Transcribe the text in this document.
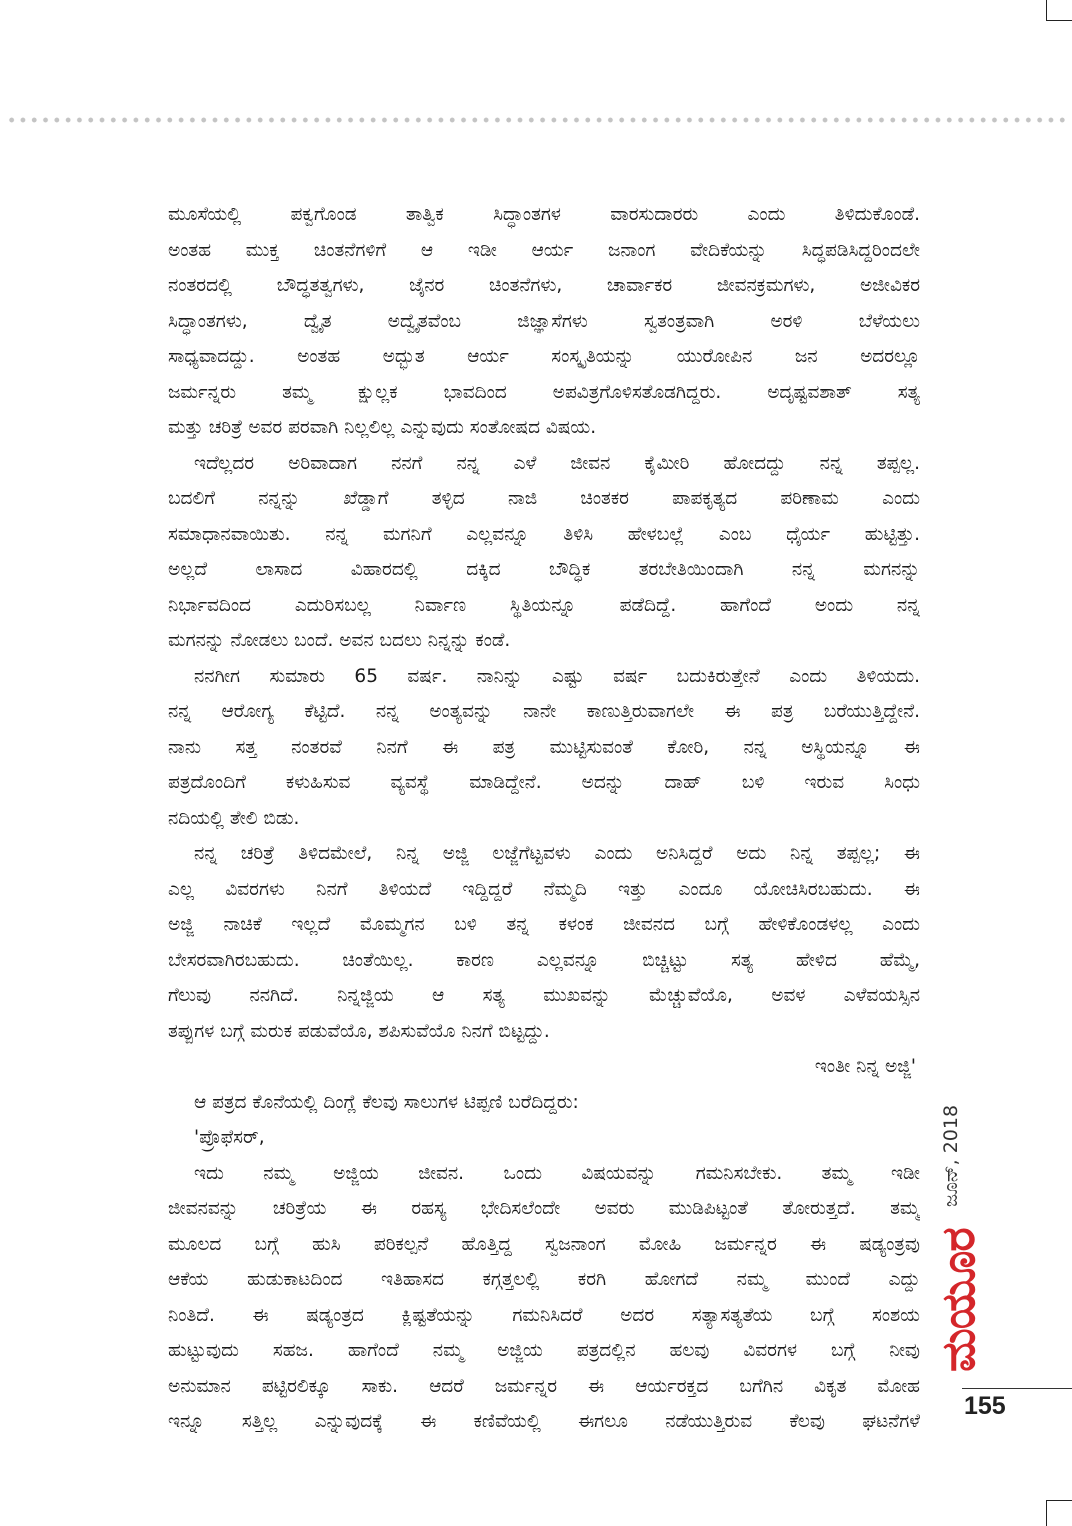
ಮೂಸೆಯಲ್ಲಿ ಪಕ್ವಗೊಂಡ ತಾತ್ವಿಕ ಸಿದ್ಧಾಂತಗಳ ವಾರಸುದಾರರು ಎಂದು ತಿಳಿದುಕೊಂಡೆ.
ಅಂತಹ ಮುಕ್ತ ಚಿಂತನೆಗಳಿಗೆ ಆ ಇಡೀ ಆರ್ಯ ಜನಾಂಗ ವೇದಿಕೆಯನ್ನು ಸಿದ್ಧಪಡಿಸಿದ್ದರಿಂದಲೇ
ನಂತರದಲ್ಲಿ ಬೌದ್ಧತತ್ವಗಳು, ಜೈನರ ಚಿಂತನೆಗಳು, ಚಾರ್ವಾಕರ ಜೀವನಕ್ರಮಗಳು, ಅಜೀವಿಕರ
ಸಿದ್ಧಾಂತಗಳು, ದ್ವೈತ ಅದ್ವೈತವೆಂಬ ಜಿಜ್ಞಾಸೆಗಳು ಸ್ವತಂತ್ರವಾಗಿ ಅರಳಿ ಬೆಳೆಯಲು
ಸಾಧ್ಯವಾದದ್ದು. ಅಂತಹ ಅದ್ಭುತ ಆರ್ಯ ಸಂಸ್ಕೃತಿಯನ್ನು ಯುರೋಪಿನ ಜನ ಅದರಲ್ಲೂ
ಜರ್ಮನ್ನರು ತಮ್ಮ ಕ್ಷುಲ್ಲಕ ಭಾವದಿಂದ ಅಪವಿತ್ರಗೊಳಿಸತೊಡಗಿದ್ದರು. ಅದೃಷ್ಟವಶಾತ್ ಸತ್ಯ
ಮತ್ತು ಚರಿತ್ರೆ ಅವರ ಪರವಾಗಿ ನಿಲ್ಲಲಿಲ್ಲ ಎನ್ನುವುದು ಸಂತೋಷದ ವಿಷಯ.
ಇದೆಲ್ಲದರ ಅರಿವಾದಾಗ ನನಗೆ ನನ್ನ ಎಳೆ ಜೀವನ ಕೈಮೀರಿ ಹೋದದ್ದು ನನ್ನ ತಪ್ಪಲ್ಲ.
ಬದಲಿಗೆ ನನ್ನನ್ನು ಖೆಡ್ಡಾಗೆ ತಳ್ಳಿದ ನಾಜಿ ಚಿಂತಕರ ಪಾಪಕೃತ್ಯದ ಪರಿಣಾಮ ಎಂದು
ಸಮಾಧಾನವಾಯಿತು. ನನ್ನ ಮಗನಿಗೆ ಎಲ್ಲವನ್ನೂ ತಿಳಿಸಿ ಹೇಳಬಲ್ಲೆ ಎಂಬ ಧೈರ್ಯ ಹುಟ್ಟಿತ್ತು.
ಅಲ್ಲದೆ ಲಾಸಾದ ವಿಹಾರದಲ್ಲಿ ದಕ್ಕಿದ ಬೌದ್ಧಿಕ ತರಬೇತಿಯಿಂದಾಗಿ ನನ್ನ ಮಗನನ್ನು
ನಿರ್ಭಾವದಿಂದ ಎದುರಿಸಬಲ್ಲ ನಿರ್ವಾಣ ಸ್ಥಿತಿಯನ್ನೂ ಪಡೆದಿದ್ದೆ. ಹಾಗೆಂದೆ ಅಂದು ನನ್ನ
ಮಗನನ್ನು ನೋಡಲು ಬಂದೆ. ಅವನ ಬದಲು ನಿನ್ನನ್ನು ಕಂಡೆ.
ನನಗೀಗ ಸುಮಾರು 65 ವರ್ಷ. ನಾನಿನ್ನು ಎಷ್ಟು ವರ್ಷ ಬದುಕಿರುತ್ತೇನೆ ಎಂದು ತಿಳಿಯದು.
ನನ್ನ ಆರೋಗ್ಯ ಕೆಟ್ಟಿದೆ. ನನ್ನ ಅಂತ್ಯವನ್ನು ನಾನೇ ಕಾಣುತ್ತಿರುವಾಗಲೇ ಈ ಪತ್ರ ಬರೆಯುತ್ತಿದ್ದೇನೆ.
ನಾನು ಸತ್ತ ನಂತರವೆ ನಿನಗೆ ಈ ಪತ್ರ ಮುಟ್ಟಿಸುವಂತೆ ಕೋರಿ, ನನ್ನ ಅಸ್ಥಿಯನ್ನೂ ಈ
ಪತ್ರದೊಂದಿಗೆ ಕಳುಹಿಸುವ ವ್ಯವಸ್ಥೆ ಮಾಡಿದ್ದೇನೆ. ಅದನ್ನು ದಾಹ್ ಬಳಿ ಇರುವ ಸಿಂಧು
ನದಿಯಲ್ಲಿ ತೇಲಿ ಬಿಡು.
ನನ್ನ ಚರಿತ್ರೆ ತಿಳಿದಮೇಲೆ, ನಿನ್ನ ಅಜ್ಜಿ ಲಜ್ಜೆಗೆಟ್ಟವಳು ಎಂದು ಅನಿಸಿದ್ದರೆ ಅದು ನಿನ್ನ ತಪ್ಪಲ್ಲ; ಈ
ಎಲ್ಲ ವಿವರಗಳು ನಿನಗೆ ತಿಳಿಯದೆ ಇದ್ದಿದ್ದರೆ ನೆಮ್ಮದಿ ಇತ್ತು ಎಂದೂ ಯೋಚಿಸಿರಬಹುದು. ಈ
ಅಜ್ಜಿ ನಾಚಿಕೆ ಇಲ್ಲದೆ ಮೊಮ್ಮಗನ ಬಳಿ ತನ್ನ ಕಳಂಕ ಜೀವನದ ಬಗ್ಗೆ ಹೇಳಿಕೊಂಡಳಲ್ಲ ಎಂದು
ಬೇಸರವಾಗಿರಬಹುದು. ಚಿಂತೆಯಿಲ್ಲ. ಕಾರಣ ಎಲ್ಲವನ್ನೂ ಬಿಚ್ಚಿಟ್ಟು ಸತ್ಯ ಹೇಳಿದ ಹೆಮ್ಮೆ,
ಗೆಲುವು ನನಗಿದೆ. ನಿನ್ನಜ್ಜಿಯ ಆ ಸತ್ಯ ಮುಖವನ್ನು ಮೆಚ್ಚುವೆಯೊ, ಅವಳ ಎಳೆವಯಸ್ಸಿನ
ತಪ್ಪುಗಳ ಬಗ್ಗೆ ಮರುಕ ಪಡುವೆಯೊ, ಶಪಿಸುವೆಯೊ ನಿನಗೆ ಬಿಟ್ಟದ್ದು.
ಇಂತೀ ನಿನ್ನ ಅಜ್ಜಿ'
ಆ ಪತ್ರದ ಕೊನೆಯಲ್ಲಿ ದಿಂಗ್ಲೆ ಕೆಲವು ಸಾಲುಗಳ ಟಿಪ್ಪಣಿ ಬರೆದಿದ್ದರು:
'ಪ್ರೊಫೆಸರ್,
ಇದು ನಮ್ಮ ಅಜ್ಜಿಯ ಜೀವನ. ಒಂದು ವಿಷಯವನ್ನು ಗಮನಿಸಬೇಕು. ತಮ್ಮ ಇಡೀ
ಜೀವನವನ್ನು ಚರಿತ್ರೆಯ ಈ ರಹಸ್ಯ ಭೇದಿಸಲೆಂದೇ ಅವರು ಮುಡಿಪಿಟ್ಟಂತೆ ತೋರುತ್ತದೆ. ತಮ್ಮ
ಮೂಲದ ಬಗ್ಗೆ ಹುಸಿ ಪರಿಕಲ್ಪನೆ ಹೊತ್ತಿದ್ದ ಸ್ವಜನಾಂಗ ಮೋಹಿ ಜರ್ಮನ್ನರ ಈ ಷಡ್ಯಂತ್ರವು
ಆಕೆಯ ಹುಡುಕಾಟದಿಂದ ಇತಿಹಾಸದ ಕಗ್ಗತ್ತಲಲ್ಲಿ ಕರಗಿ ಹೋಗದೆ ನಮ್ಮ ಮುಂದೆ ಎದ್ದು
ನಿಂತಿದೆ. ಈ ಷಡ್ಯಂತ್ರದ ಕ್ಲಿಷ್ಟತೆಯನ್ನು ಗಮನಿಸಿದರೆ ಅದರ ಸತ್ಯಾಸತ್ಯತೆಯ ಬಗ್ಗೆ ಸಂಶಯ
ಹುಟ್ಟುವುದು ಸಹಜ. ಹಾಗೆಂದೆ ನಮ್ಮ ಅಜ್ಜಿಯ ಪತ್ರದಲ್ಲಿನ ಹಲವು ವಿವರಗಳ ಬಗ್ಗೆ ನೀವು
ಅನುಮಾನ ಪಟ್ಟಿರಲಿಕ್ಕೂ ಸಾಕು. ಆದರೆ ಜರ್ಮನ್ನರ ಈ ಆರ್ಯರಕ್ತದ ಬಗೆಗಿನ ವಿಕೃತ ಮೋಹ
ಇನ್ನೂ ಸತ್ತಿಲ್ಲ ಎನ್ನುವುದಕ್ಕೆ ಈ ಕಣಿವೆಯಲ್ಲಿ ಈಗಲೂ ನಡೆಯುತ್ತಿರುವ ಕೆಲವು ಘಟನೆಗಳೆ
ಜೂನ್, 2018
ಮಯೂರ
155
